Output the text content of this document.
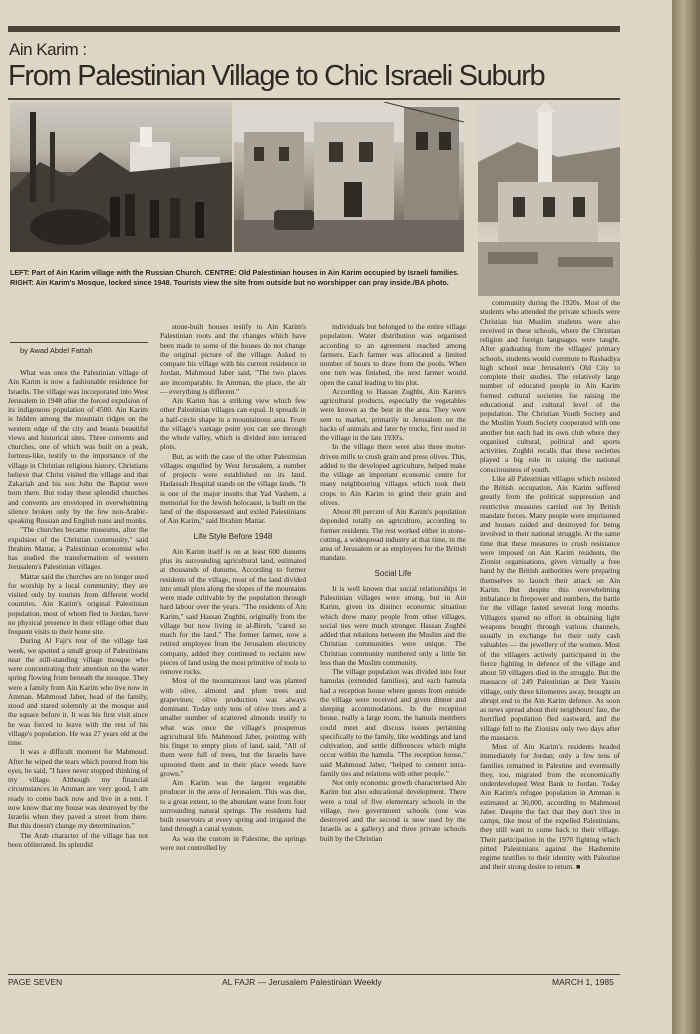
Ain Karim :
From Palestinian Village to Chic Israeli Suburb
LEFT: Part of Ain Karim village with the Russian Church. CENTRE: Old Palestinian houses in Ain Karim occupied by Israeli families. RIGHT: Ain Karim's Mosque, locked since 1948. Tourists view the site from outside but no worshipper can pray inside./BA photo.
by Awad Abdel Fattah

What was once the Palestinian village of Ain Karim is now a fashionable residence for Israelis. The village was incorporated into West Jerusalem in 1948 after the forced expulsion of its indigenous population of 4500. Ain Karim is hidden among the mountain ridges on the western edge of the city and boasts beautiful views and historical sites. Three convents and churches, one of which was built on a peak, fortress-like, testify to the importance of the village in Christian religious history. Christians believe that Christ visited the village and that Zakariah and his son John the Baptist were born there. But today these splendid churches and convents are enveloped in overwhelming silence broken only by the few non-Arabic-speaking Russian and English nuns and monks.

"The churches became museums, after the expulsion of the Christian community," said Ibrahim Mattar, a Palestinian economist who has studied the transformation of western Jerusalem's Palestinian villages.

Mattar said the churches are no longer used for worship by a local community; they are visited only by tourists from different world countries. Ain Karim's original Palestinian population, most of whom fled to Jordan, have no physical presence in their village other than frequent visits to their home site.

During Al Fajr's tour of the village last week, we spotted a small group of Palestinians near the still-standing village mosque who were concentrating their attention on the water spring flowing from beneath the mosque. They were a family from Ain Karim who live now in Amman. Mahmoud Jaber, head of the family, stood and stared solemnly at the mosque and the square before it. It was his first visit since he was forced to leave with the rest of his village's population. He was 27 years old at the time.

It was a difficult moment for Mahmoud. After he wiped the tears which poured from his eyes, he said, "I have never stopped thinking of my village. Although my financial circumstances in Amman are very good, I am ready to come back now and live in a tent. I now know that my house was destroyed by the Israelis when they paved a street from there. But this doesn't change my determination."

The Arab character of the village has not been obliterated. Its splendid

stone-built houses testify to Ain Karim's Palestinian roots and the changes which have been made to some of the houses do not change the original picture of the village. Asked to compare his village with his current residence in Jordan, Mahmoud Jaber said, "The two places are incomparable. In Amman, the place, the air — everything is different."

Ain Karim has a striking view which few other Palestinian villages can equal. It spreads in a half-circle shape in a mountainous area. From the village's vantage point you can see through the whole valley, which is divided into terraced plots.

But, as with the case of the other Palestinian villages engulfed by West Jerusalem, a number of projects were established on its land. Hadassah Hospital stands on the village lands. "It is one of the major insults that Yad Vashem, a memorial for the Jewish holocaust, is built on the land of the dispossessed and exiled Palestinians of Ain Karim," said Ibrahim Mattar.

Life Style Before 1948

Ain Karim itself is on at least 600 dunums plus its surrounding agricultural land, estimated at thousands of dunums. According to former residents of the village, most of the land divided into small plots along the slopes of the mountains were made cultivable by the population through hard labour over the years. "The residents of Ain Karim," said Hassan Zughbi, originally from the village but now living in al-Bireh, "cared so much for the land." The former farmer, now a retired employee from the Jerusalem electricity company, added they continued to reclaim new pieces of land using the most primitive of tools to remove rocks.

Most of the mountainous land was planted with olive, almond and plum trees and grapevines; olive production was always dominant. Today only tens of olive trees and a smaller number of scattered almonds testify to what was once the village's prosperous agricultural life. Mahmoud Jaber, pointing with his finger to empty plots of land, said, "All of them were full of trees, but the Israelis have uprooted them and in their place weeds have grown."

Ain Karim was the largest vegetable producer in the area of Jerusalem. This was due, to a great extent, to the abundant water from four surrounding natural springs. The residents had built reservoirs at every spring and irrigated the land through a canal system.

As was the custom in Palestine, the springs were not controlled by

individuals but belonged to the entire village population. Water distribution was organised according to an agreement reached among farmers. Each farmer was allocated a limited number of hours to draw from the pools. When one turn was finished, the next farmer would open the canal leading to his plot.

According to Hassan Zughbi, Ain Karim's agricultural products, especially the vegetables were known as the best in the area. They were sent to market, primarily in Jerusalem on the backs of animals and later by trucks, first used in the village in the late 1930's.

In the village there were also three motor-driven mills to crush grain and press olives. This, added to the developed agriculture, helped make the village an important economic centre for many neighbouring villages which took their crops to Ain Karim to grind their grain and olives.

About 80 percent of Ain Karim's population depended totally on agriculture, according to former residents. The rest worked either in stone-cutting, a widespread industry at that time, in the area of Jerusalem or as employees for the British mandate.

Social Life

It is well known that social relationships in Palestinian villages were strong, but in Ain Karim, given its distinct economic situation which drew many people from other villages, social ties were much stronger. Hassan Zughbi added that relations between the Muslim and the Christian communities were unique. The Christian community numbered only a little bit less than the Muslim community.

The village population was divided into four hamulas (extended families), and each hamula had a reception house where guests from outside the village were received and given dinner and sleeping accommodations. In the reception house, really a large room, the hamula members could meet and discuss issues pertaining specifically to the family, like weddings and land cultivation, and settle differences which might occur within the hamula. "The reception house," said Mahmoud Jaber, "helped to cement intra-family ties and relations with other people."

Not only economic growth characterised Ain Karim but also educational development. There were a total of five elementary schools in the village, two government schools (one was destroyed and the second is now used by the Israelis as a gallery) and three private schools built by the Christian

community during the 1920s. Most of the students who attended the private schools were Christian but Muslim students were also received in these schools, where the Christian religion and foreign languages were taught. After graduating from the villages' primary schools, students would commute to Rashadiya high school near Jerusalem's Old City to complete their studies. The relatively large number of educated people in Ain Karim formed cultural societies for raising the educational and cultural level of the population. The Christian Youth Society and the Muslim Youth Society cooperated with one another but each had its own club where they organised cultural, political and sports activities. Zughbi recalls that these societies played a big role in raising the national consciousness of youth.

Like all Palestinian villages which resisted the British occupation, Ain Karim suffered greatly from the political suppression and restrictive measures carried out by British mandate forces. Many people were imprisoned and houses raided and destroyed for being involved in their national struggle. At the same time that these measures to crush resistance were imposed on Ain Karim residents, the Zionist organisations, given virtually a free hand by the British authorities were preparing themselves to launch their attack on Ain Karim. But despite this overwhelming imbalance in firepower and numbers, the battle for the village lasted several long months. Villagers spared no effort in obtaining light weapons bought through various channels, usually in exchange for their only cash valuables — the jewellery of the women. Most of the villagers actively participated in the fierce fighting in defence of the village and about 50 villagers died in the struggle. But the massacre of 249 Palestinian at Deir Yassin village, only three kilometres away, brought an abrupt end to the Ain Karim defence. As soon as news spread about their neighbours' fate, the horrified population fled eastward, and the village fell to the Zionists only two days after the massacre.

Most of Ain Karim's residents headed immediately for Jordan; only a few tens of families remained in Palestine and eventually they, too, migrated from the economically underdeveloped West Bank to Jordan. Today Ain Karim's refugee population in Amman is estimated at 30,000, according to Mahmoud Jaber. Despite the fact that they don't live in camps, like most of the expelled Palestinians, they still want to come back to their village. Their participation in the 1970 fighting which pitted Palestinians against the Hashemite regime testifies to their identity with Palestine and their strong desire to return. ■

PAGE SEVEN	AL FAJR — Jerusalem Palestinian Weekly	MARCH 1, 1985
